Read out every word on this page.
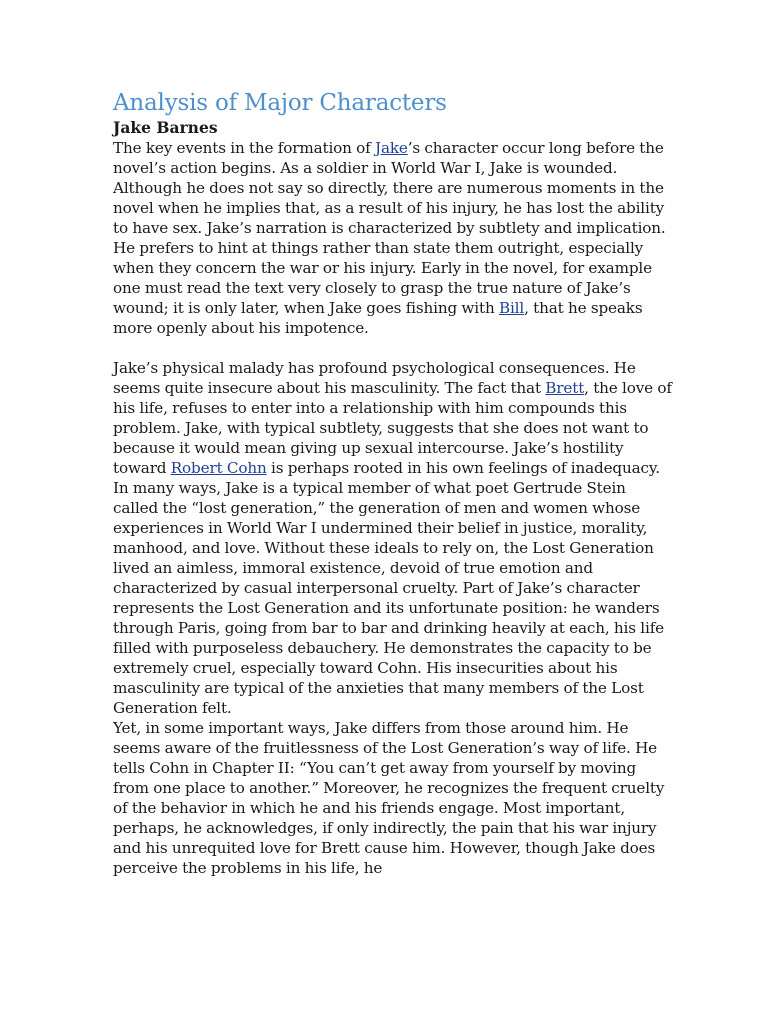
Analysis of Major Characters
Jake Barnes

The key events in the formation of Jake’s character occur long before the novel’s action begins. As a soldier in World War I, Jake is wounded. Although he does not say so directly, there are numerous moments in the novel when he implies that, as a result of his injury, he has lost the ability to have sex. Jake’s narration is characterized by subtlety and implication. He prefers to hint at things rather than state them outright, especially when they concern the war or his injury. Early in the novel, for example one must read the text very closely to grasp the true nature of Jake’s wound; it is only later, when Jake goes fishing with Bill, that he speaks more openly about his impotence.

Jake’s physical malady has profound psychological consequences. He seems quite insecure about his masculinity. The fact that Brett, the love of his life, refuses to enter into a relationship with him compounds this problem. Jake, with typical subtlety, suggests that she does not want to because it would mean giving up sexual intercourse. Jake’s hostility toward Robert Cohn is perhaps rooted in his own feelings of inadequacy. In many ways, Jake is a typical member of what poet Gertrude Stein called the “lost generation,” the generation of men and women whose experiences in World War I undermined their belief in justice, morality, manhood, and love. Without these ideals to rely on, the Lost Generation lived an aimless, immoral existence, devoid of true emotion and characterized by casual interpersonal cruelty. Part of Jake’s character represents the Lost Generation and its unfortunate position: he wanders through Paris, going from bar to bar and drinking heavily at each, his life filled with purposeless debauchery. He demonstrates the capacity to be extremely cruel, especially toward Cohn. His insecurities about his masculinity are typical of the anxieties that many members of the Lost Generation felt.

Yet, in some important ways, Jake differs from those around him. He seems aware of the fruitlessness of the Lost Generation’s way of life. He tells Cohn in Chapter II: “You can’t get away from yourself by moving from one place to another.” Moreover, he recognizes the frequent cruelty of the behavior in which he and his friends engage. Most important, perhaps, he acknowledges, if only indirectly, the pain that his war injury and his unrequited love for Brett cause him. However, though Jake does perceive the problems in his life, he
